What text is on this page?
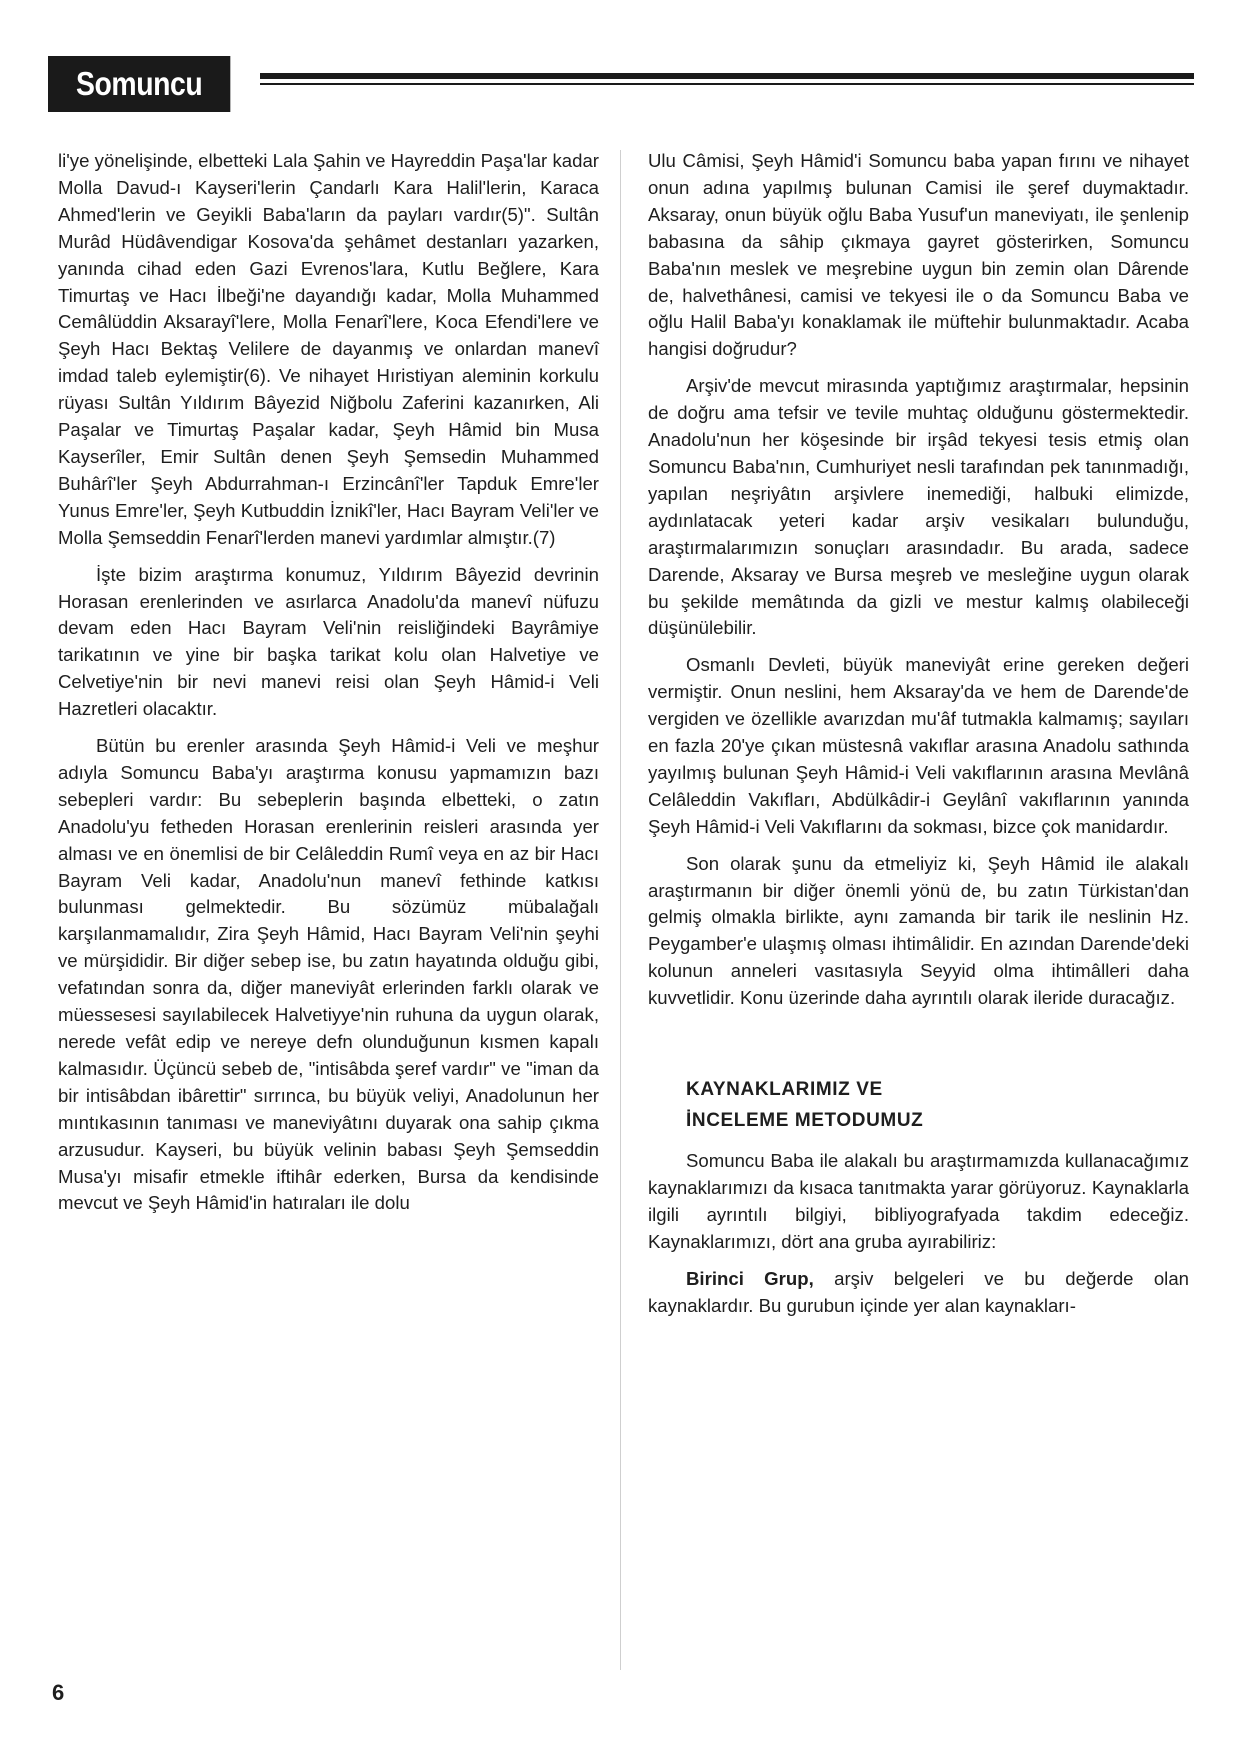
Somuncu Baba

li'ye yönelişinde, elbetteki Lala Şahin ve Hayreddin Paşa'lar kadar Molla Davud-ı Kayseri'lerin Çandarlı Kara Halil'lerin, Karaca Ahmed'lerin ve Geyikli Baba'ların da payları vardır(5)". Sultân Murâd Hüdâvendigar Kosova'da şehâmet destanları yazarken, yanında cihad eden Gazi Evrenos'lara, Kutlu Beğlere, Kara Timurtaş ve Hacı İlbeği'ne dayandığı kadar, Molla Muhammed Cemâlüddin Aksarayî'lere, Molla Fenarî'lere, Koca Efendi'lere ve Şeyh Hacı Bektaş Velilere de dayanmış ve onlardan manevî imdad taleb eylemiştir(6). Ve nihayet Hıristiyan aleminin korkulu rüyası Sultân Yıldırım Bâyezid Niğbolu Zaferini kazanırken, Ali Paşalar ve Timurtaş Paşalar kadar, Şeyh Hâmid bin Musa Kayserîler, Emir Sultân denen Şeyh Şemsedin Muhammed Buhârî'ler Şeyh Abdurrahman-ı Erzincânî'ler Tapduk Emre'ler Yunus Emre'ler, Şeyh Kutbuddin İznikî'ler, Hacı Bayram Veli'ler ve Molla Şemseddin Fenarî'lerden manevi yardımlar almıştır.(7)

İşte bizim araştırma konumuz, Yıldırım Bâyezid devrinin Horasan erenlerinden ve asırlarca Anadolu'da manevî nüfuzu devam eden Hacı Bayram Veli'nin reisliğindeki Bayrâmiye tarikatının ve yine bir başka tarikat kolu olan Halvetiye ve Celvetiye'nin bir nevi manevi reisi olan Şeyh Hâmid-i Veli Hazretleri olacaktır.

Bütün bu erenler arasında Şeyh Hâmid-i Veli ve meşhur adıyla Somuncu Baba'yı araştırma konusu yapmamızın bazı sebepleri vardır: Bu sebeplerin başında elbetteki, o zatın Anadolu'yu fetheden Horasan erenlerinin reisleri arasında yer alması ve en önemlisi de bir Celâleddin Rumî veya en az bir Hacı Bayram Veli kadar, Anadolu'nun manevî fethinde katkısı bulunması gelmektedir. Bu sözümüz mübalağalı karşılanmamalıdır, Zira Şeyh Hâmid, Hacı Bayram Veli'nin şeyhi ve mürşididir. Bir diğer sebep ise, bu zatın hayatında olduğu gibi, vefatından sonra da, diğer maneviyât erlerinden farklı olarak ve müessesesi sayılabilecek Halvetiyye'nin ruhuna da uygun olarak, nerede vefât edip ve nereye defn olunduğunun kısmen kapalı kalmasıdır. Üçüncü sebeb de, "intisâbda şeref vardır" ve "iman da bir intisâbdan ibârettir" sırrınca, bu büyük veliyi, Anadolunun her mıntıkasının tanıması ve maneviyâtını duyarak ona sahip çıkma arzusudur. Kayseri, bu büyük velinin babası Şeyh Şemseddin Musa'yı misafir etmekle iftihâr ederken, Bursa da kendisinde mevcut ve Şeyh Hâmid'in hatıraları ile dolu

Ulu Câmisi, Şeyh Hâmid'i Somuncu baba yapan fırını ve nihayet onun adına yapılmış bulunan Camisi ile şeref duymaktadır. Aksaray, onun büyük oğlu Baba Yusuf'un maneviyatı, ile şenlenip babasına da sâhip çıkmaya gayret gösterirken, Somuncu Baba'nın meslek ve meşrebine uygun bin zemin olan Dârende de, halvethânesi, camisi ve tekyesi ile o da Somuncu Baba ve oğlu Halil Baba'yı konaklamak ile müftehir bulunmaktadır. Acaba hangisi doğrudur?

Arşiv'de mevcut mirasında yaptığımız araştırmalar, hepsinin de doğru ama tefsir ve tevile muhtaç olduğunu göstermektedir. Anadolu'nun her köşesinde bir irşâd tekyesi tesis etmiş olan Somuncu Baba'nın, Cumhuriyet nesli tarafından pek tanınmadığı, yapılan neşriyâtın arşivlere inemediği, halbuki elimizde, aydınlatacak yeteri kadar arşiv vesikaları bulunduğu, araştırmalarımızın sonuçları arasındadır. Bu arada, sadece Darende, Aksaray ve Bursa meşreb ve mesleğine uygun olarak bu şekilde memâtında da gizli ve mestur kalmış olabileceği düşünülebilir.

Osmanlı Devleti, büyük maneviyât erine gereken değeri vermiştir. Onun neslini, hem Aksaray'da ve hem de Darende'de vergiden ve özellikle avarızdan mu'âf tutmakla kalmamış; sayıları en fazla 20'ye çıkan müstesnâ vakıflar arasına Anadolu sathında yayılmış bulunan Şeyh Hâmid-i Veli vakıflarının arasına Mevlânâ Celâleddin Vakıfları, Abdülkâdir-i Geylânî vakıflarının yanında Şeyh Hâmid-i Veli Vakıflarını da sokması, bizce çok manidardır.

Son olarak şunu da etmeliyiz ki, Şeyh Hâmid ile alakalı araştırmanın bir diğer önemli yönü de, bu zatın Türkistan'dan gelmiş olmakla birlikte, aynı zamanda bir tarik ile neslinin Hz. Peygamber'e ulaşmış olması ihtimâlidir. En azından Darende'deki kolunun anneleri vasıtasıyla Seyyid olma ihtimâlleri daha kuvvetlidir. Konu üzerinde daha ayrıntılı olarak ileride duracağız.

KAYNAKLARIMIZ VE
İNCELEME METODUMUZ

Somuncu Baba ile alakalı bu araştırmamızda kullanacağımız kaynaklarımızı da kısaca tanıtmakta yarar görüyoruz. Kaynaklarla ilgili ayrıntılı bilgiyi, bibliyografyada takdim edeceğiz. Kaynaklarımızı, dört ana gruba ayırabiliriz:

Birinci Grup, arşiv belgeleri ve bu değerde olan kaynaklardır. Bu gurubun içinde yer alan kaynakları-

6
